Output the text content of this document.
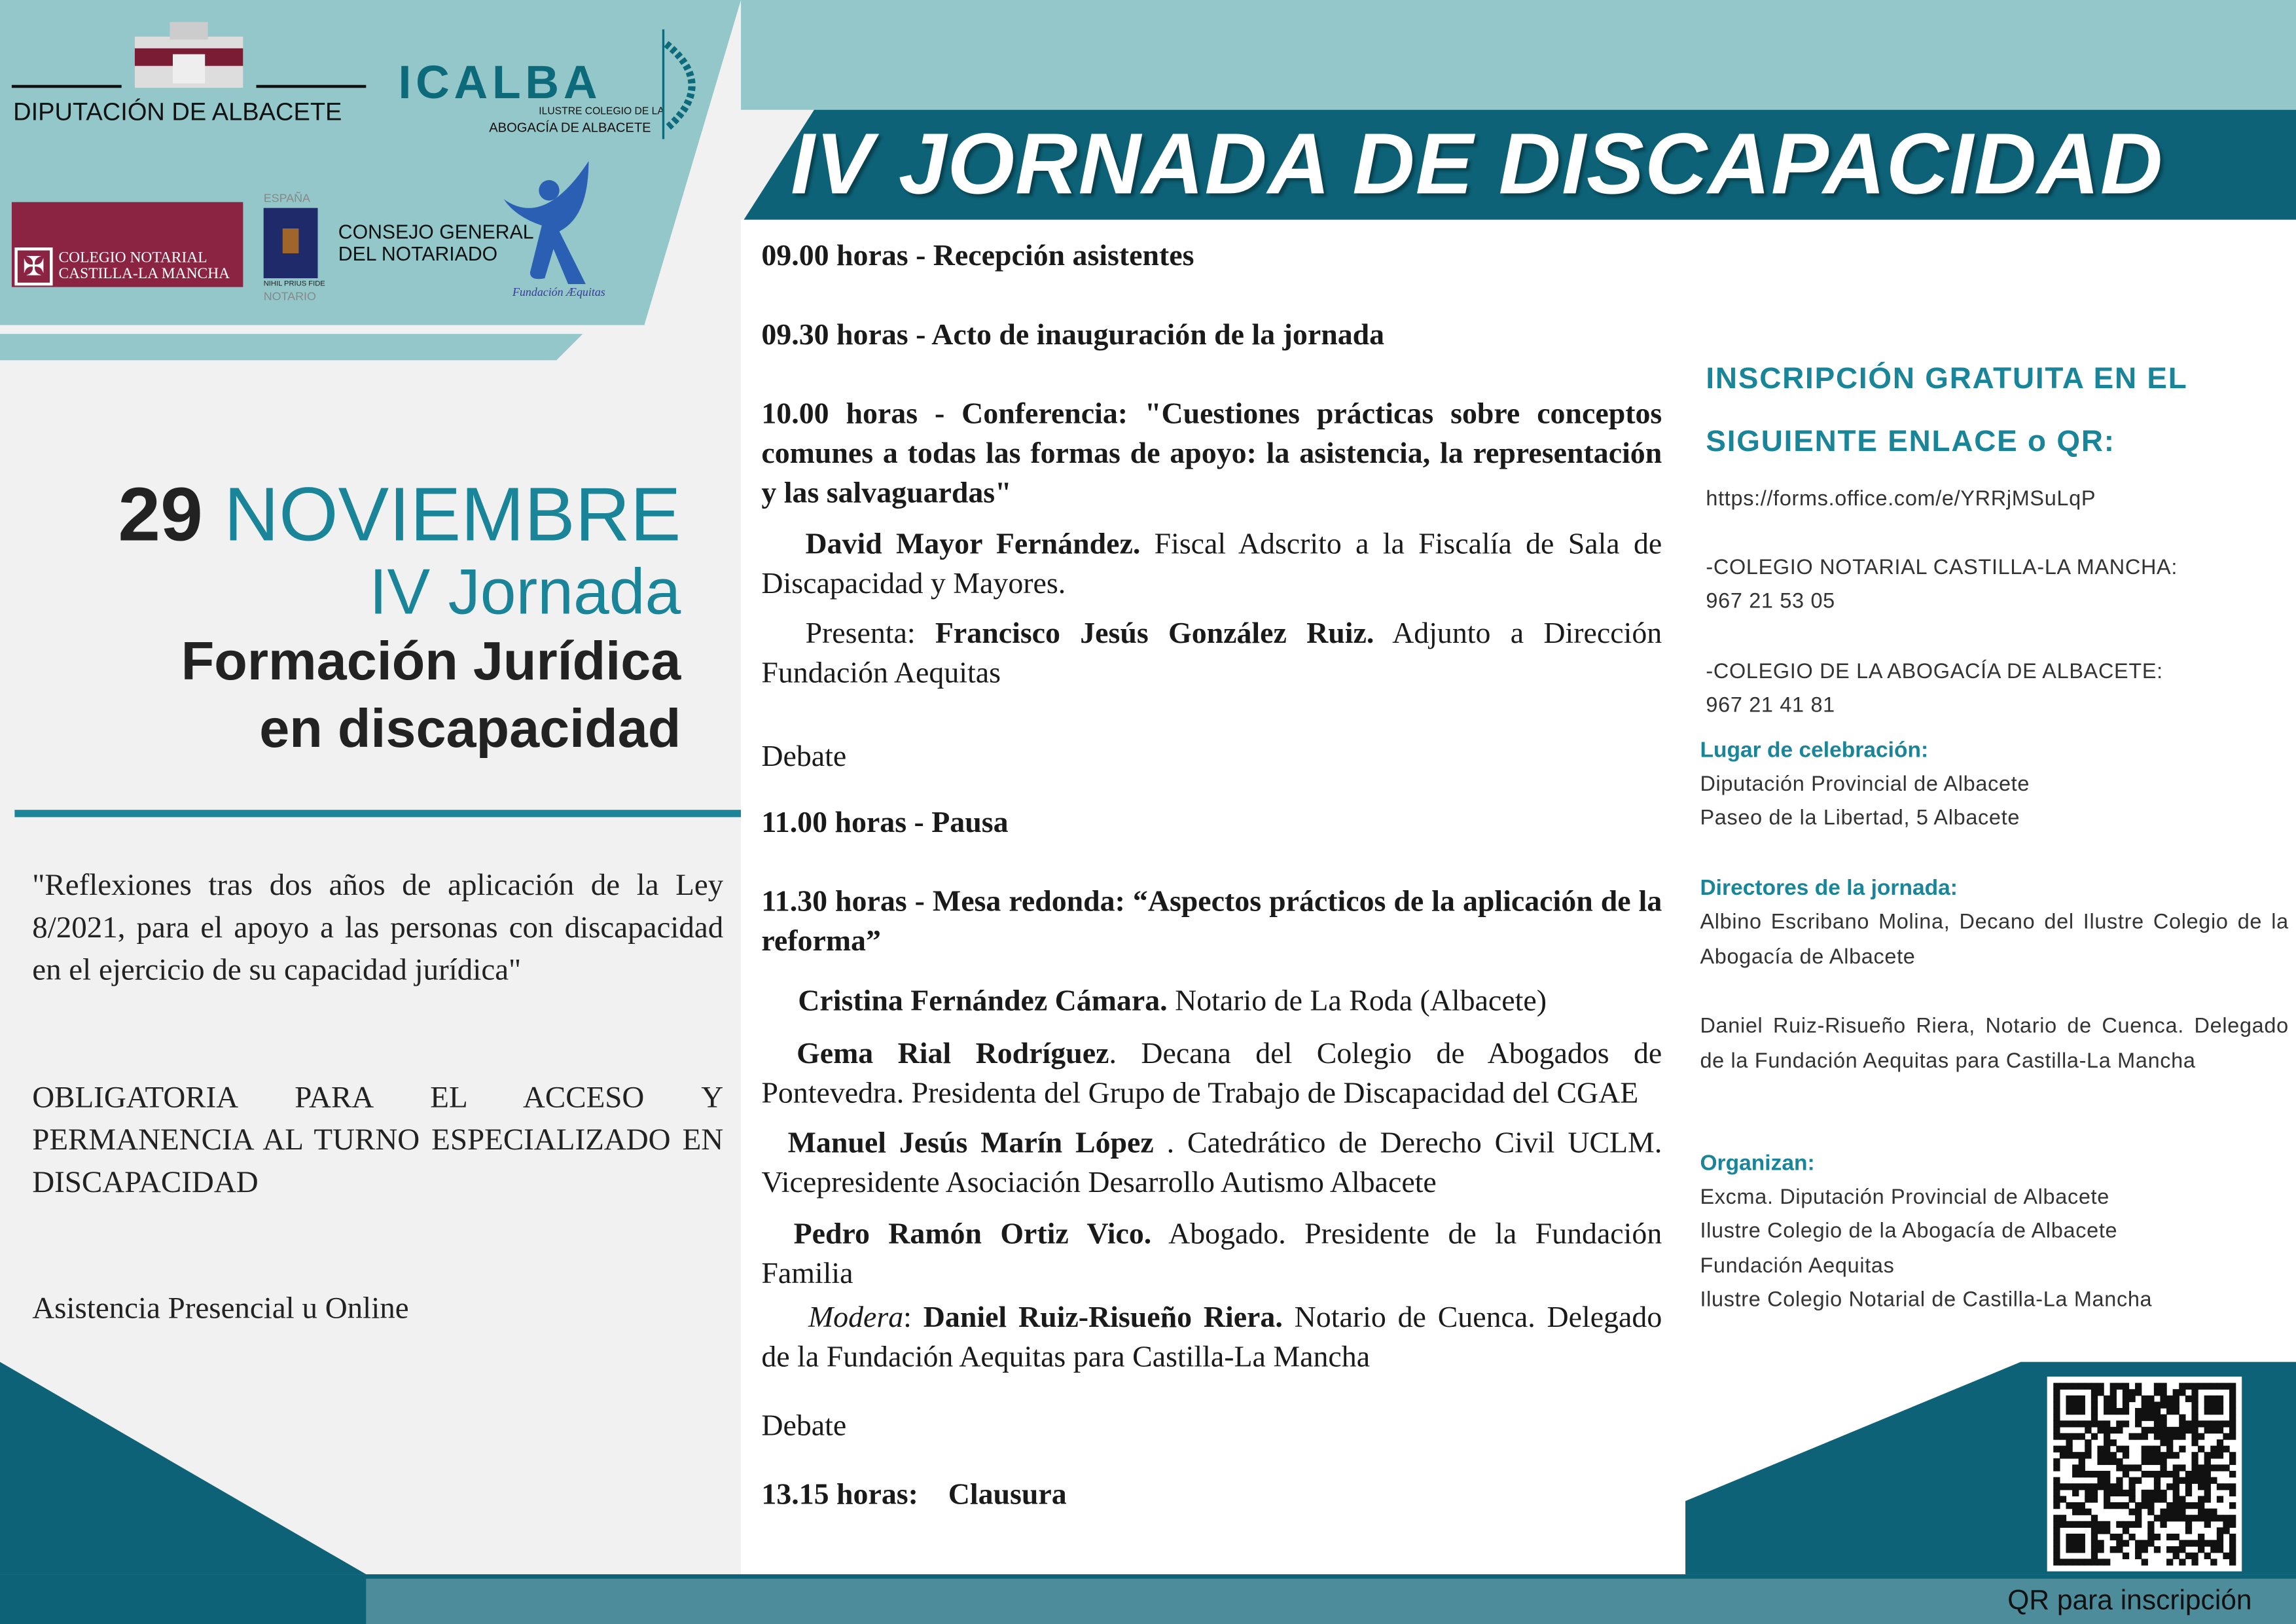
DIPUTACIÓN DE ALBACETE
ICALBA
ILUSTRE COLEGIO DE LA
ABOGACÍA DE ALBACETE
✠	COLEGIO NOTARIAL
CASTILLA-LA MANCHA
ESPAÑA
NIHIL PRIUS FIDE
NOTARIO
CONSEJO GENERAL
DEL NOTARIADO
Fundación Æquitas
IV JORNADA DE DISCAPACIDAD
29 NOVIEMBRE
IV Jornada
Formación Jurídica
en discapacidad
"Reflexiones tras dos años de aplicación de la Ley 8/2021, para el apoyo a las personas con discapacidad en el ejercicio de su capacidad jurídica"
OBLIGATORIA PARA EL ACCESO Y PERMANENCIA AL TURNO ESPECIALIZADO EN DISCAPACIDAD
Asistencia Presencial u Online

09.00 horas - Recepción asistentes

09.30 horas - Acto de inauguración de la jornada

10.00 horas - Conferencia: "Cuestiones prácticas sobre conceptos comunes a todas las formas de apoyo: la asistencia, la representación y las salvaguardas"

David Mayor Fernández. Fiscal Adscrito a la Fiscalía de Sala de Discapacidad y Mayores.

Presenta: Francisco Jesús González Ruiz. Adjunto a Dirección Fundación Aequitas

Debate

11.00 horas - Pausa

11.30 horas - Mesa redonda: “Aspectos prácticos de la aplicación de la reforma”

Cristina Fernández Cámara. Notario de La Roda (Albacete)

Gema Rial Rodríguez. Decana del Colegio de Abogados de Pontevedra. Presidenta del Grupo de Trabajo de Discapacidad del CGAE

Manuel Jesús Marín López . Catedrático de Derecho Civil UCLM. Vicepresidente Asociación Desarrollo Autismo Albacete

Pedro Ramón Ortiz Vico. Abogado. Presidente de la Fundación Familia

Modera: Daniel Ruiz-Risueño Riera. Notario de Cuenca. Delegado de la Fundación Aequitas para Castilla-La Mancha

Debate

13.15 horas:    Clausura

INSCRIPCIÓN GRATUITA EN EL
SIGUIENTE ENLACE o QR:

https://forms.office.com/e/YRRjMSuLqP

-COLEGIO NOTARIAL CASTILLA-LA MANCHA:

967 21 53 05

-COLEGIO DE LA ABOGACÍA DE ALBACETE:

967 21 41 81

Lugar de celebración:

Diputación Provincial de Albacete

Paseo de la Libertad, 5 Albacete

Directores de la jornada:

Albino Escribano Molina, Decano del Ilustre Colegio de la Abogacía de Albacete

Daniel Ruiz-Risueño Riera, Notario de Cuenca. Delegado de la Fundación Aequitas para Castilla-La Mancha

Organizan:

Excma. Diputación Provincial de Albacete

Ilustre Colegio de la Abogacía de Albacete

Fundación Aequitas

Ilustre Colegio Notarial de Castilla-La Mancha

QR para inscripción
